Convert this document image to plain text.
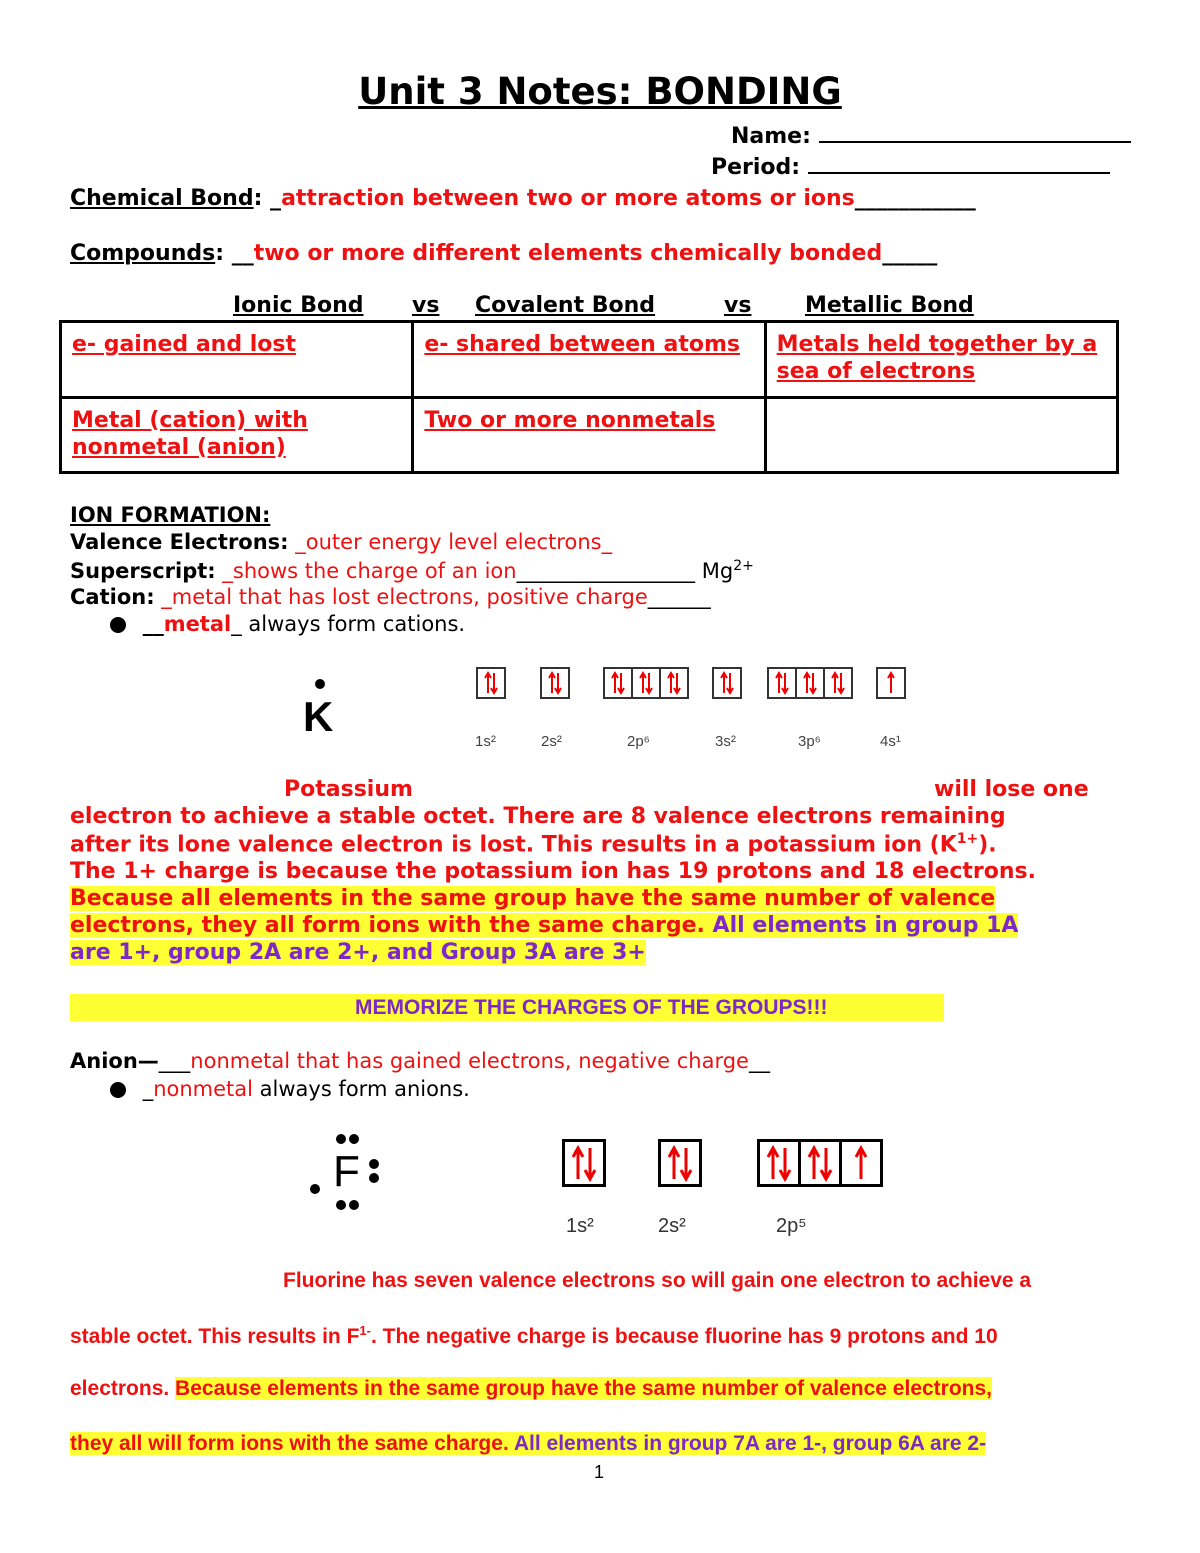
Unit 3 Notes: BONDING
Name:
Period:
Chemical Bond: _attraction between two or more atoms or ions___________
Compounds: __two or more different elements chemically bonded_____
Ionic Bond vs Covalent Bond	vs Metallic Bond
e- gained and lost	e- shared between atoms	Metals held together by a sea of electrons
Metal (cation) with nonmetal (anion)	Two or more nonmetals	
ION FORMATION:
Valence Electrons: _outer energy level electrons_
Superscript: _shows the charge of an ion_________________ $Mg^{2+}$
Cation: _metal that has lost electrons, positive charge______
__metal_ always form cations.
K
1s²	2s²	2p⁶	3s²	3p⁶	4s¹
Potassium	will lose one
electron to achieve a stable octet. There are 8 valence electrons remaining
after its lone valence electron is lost. This results in a potassium ion $(K^{1+})$.
The 1+ charge is because the potassium ion has 19 protons and 18 electrons.
Because all elements in the same group have the same number of valence
electrons, they all form ions with the same charge. All elements in group 1A
are 1+, group 2A are 2+, and Group 3A are 3+
MEMORIZE THE CHARGES OF THE GROUPS!!!
Anion—___nonmetal that has gained electrons, negative charge__
_nonmetal always form anions.
F
1s²	2s²	2p⁵
Fluorine has seven valence electrons so will gain one electron to achieve a
stable octet. This results in $F^{1-}$. The negative charge is because fluorine has 9 protons and 10
electrons. Because elements in the same group have the same number of valence electrons,
they all will form ions with the same charge. All elements in group 7A are 1-, group 6A are 2-
1
